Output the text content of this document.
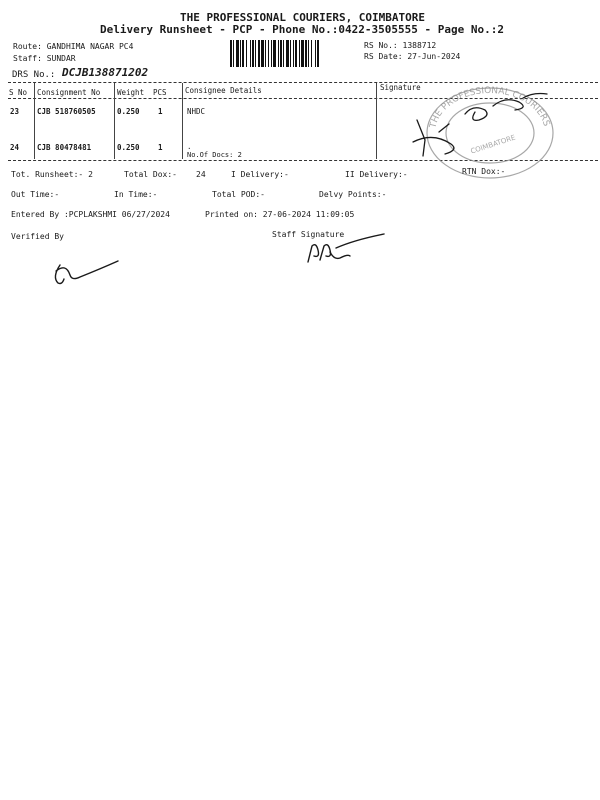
THE PROFESSIONAL COURIERS, COIMBATORE
Delivery Runsheet - PCP - Phone No.:0422-3505555 - Page No.:2
Route: GANDHIMA NAGAR PC4
Staff: SUNDAR
RS No.: 1388712
RS Date: 27-Jun-2024
DRS No.: DCJB138871202
S No Consignment No Weight PCS Consignee Details	Signature
23 CJB 518760505	0.250 1	NHDC
24 CJB 80478481	0.250 1	.
No.Of Docs: 2
THE PROFESSIONAL COURIERS
COIMBATORE
Tot. Runsheet:- 2	Total Dox:- 24	I Delivery:-	II Delivery:-	RTN Dox:-
Out Time:-	In Time:-	Total POD:-	Delvy Points:-
Entered By :PCPLAKSHMI 06/27/2024	Printed on: 27-06-2024 11:09:05
Verified By	Staff Signature
